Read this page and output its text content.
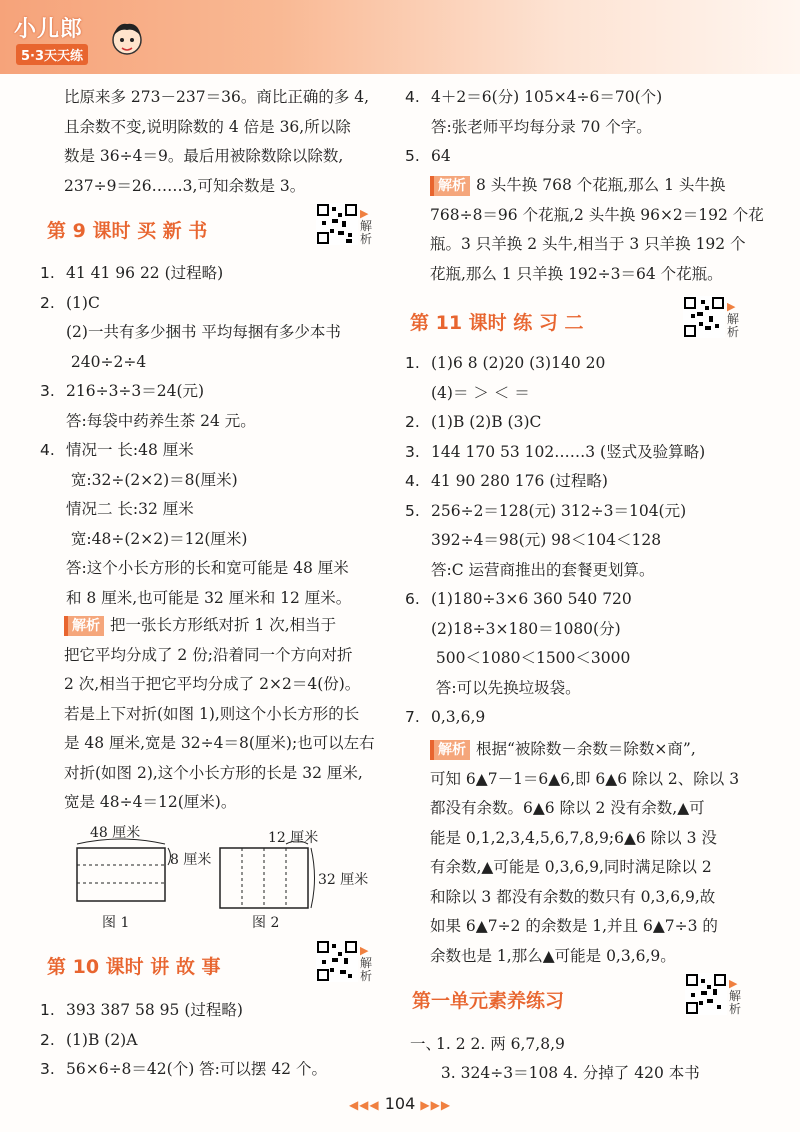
小儿郎
5·3天天练
比原来多 273－237＝36。商比正确的多 4,
且余数不变,说明除数的 4 倍是 36,所以除
数是 36÷4＝9。最后用被除数除以除数,
237÷9＝26……3,可知余数是 3。
第 9 课时 买 新 书
▶解析
1. 41 41 96 22 (过程略)
2. (1)C
(2)一共有多少捆书 平均每捆有多少本书
240÷2÷4
3. 216÷3÷3＝24(元)
答:每袋中药养生茶 24 元。
4. 情况一 长:48 厘米
宽:32÷(2×2)＝8(厘米)
情况二 长:32 厘米
宽:48÷(2×2)＝12(厘米)
答:这个小长方形的长和宽可能是 48 厘米
和 8 厘米,也可能是 32 厘米和 12 厘米。
解析 把一张长方形纸对折 1 次,相当于
把它平均分成了 2 份;沿着同一个方向对折
2 次,相当于把它平均分成了 2×2＝4(份)。
若是上下对折(如图 1),则这个小长方形的长
是 48 厘米,宽是 32÷4＝8(厘米);也可以左右
对折(如图 2),这个小长方形的长是 32 厘米,
宽是 48÷4＝12(厘米)。
48 厘米
8 厘米
图 1
12 厘米
32 厘米
图 2
第 10 课时 讲 故 事
▶解析
1. 393 387 58 95 (过程略)
2. (1)B (2)A
3. 56×6÷8＝42(个) 答:可以摆 42 个。
4. 4＋2＝6(分) 105×4÷6＝70(个)
答:张老师平均每分录 70 个字。
5. 64
解析 8 头牛换 768 个花瓶,那么 1 头牛换
768÷8＝96 个花瓶,2 头牛换 96×2＝192 个花
瓶。3 只羊换 2 头牛,相当于 3 只羊换 192 个
花瓶,那么 1 只羊换 192÷3＝64 个花瓶。
第 11 课时 练 习 二
▶解析
1. (1)6 8 (2)20 (3)140 20
(4)＝ ＞ ＜ ＝
2. (1)B (2)B (3)C
3. 144 170 53 102……3 (竖式及验算略)
4. 41 90 280 176 (过程略)
5. 256÷2＝128(元) 312÷3＝104(元)
392÷4＝98(元) 98＜104＜128
答:C 运营商推出的套餐更划算。
6. (1)180÷3×6 360 540 720
(2)18÷3×180＝1080(分)
500＜1080＜1500＜3000
答:可以先换垃圾袋。
7. 0,3,6,9
解析 根据“被除数－余数＝除数×商”,
可知 6▲7－1＝6▲6,即 6▲6 除以 2、除以 3
都没有余数。6▲6 除以 2 没有余数,▲可
能是 0,1,2,3,4,5,6,7,8,9;6▲6 除以 3 没
有余数,▲可能是 0,3,6,9,同时满足除以 2
和除以 3 都没有余数的数只有 0,3,6,9,故
如果 6▲7÷2 的余数是 1,并且 6▲7÷3 的
余数也是 1,那么▲可能是 0,3,6,9。
第一单元素养练习
▶解析
一、1. 2 2. 两 6,7,8,9
3. 324÷3＝108 4. 分掉了 420 本书
◀◀◀ 104 ▶▶▶
